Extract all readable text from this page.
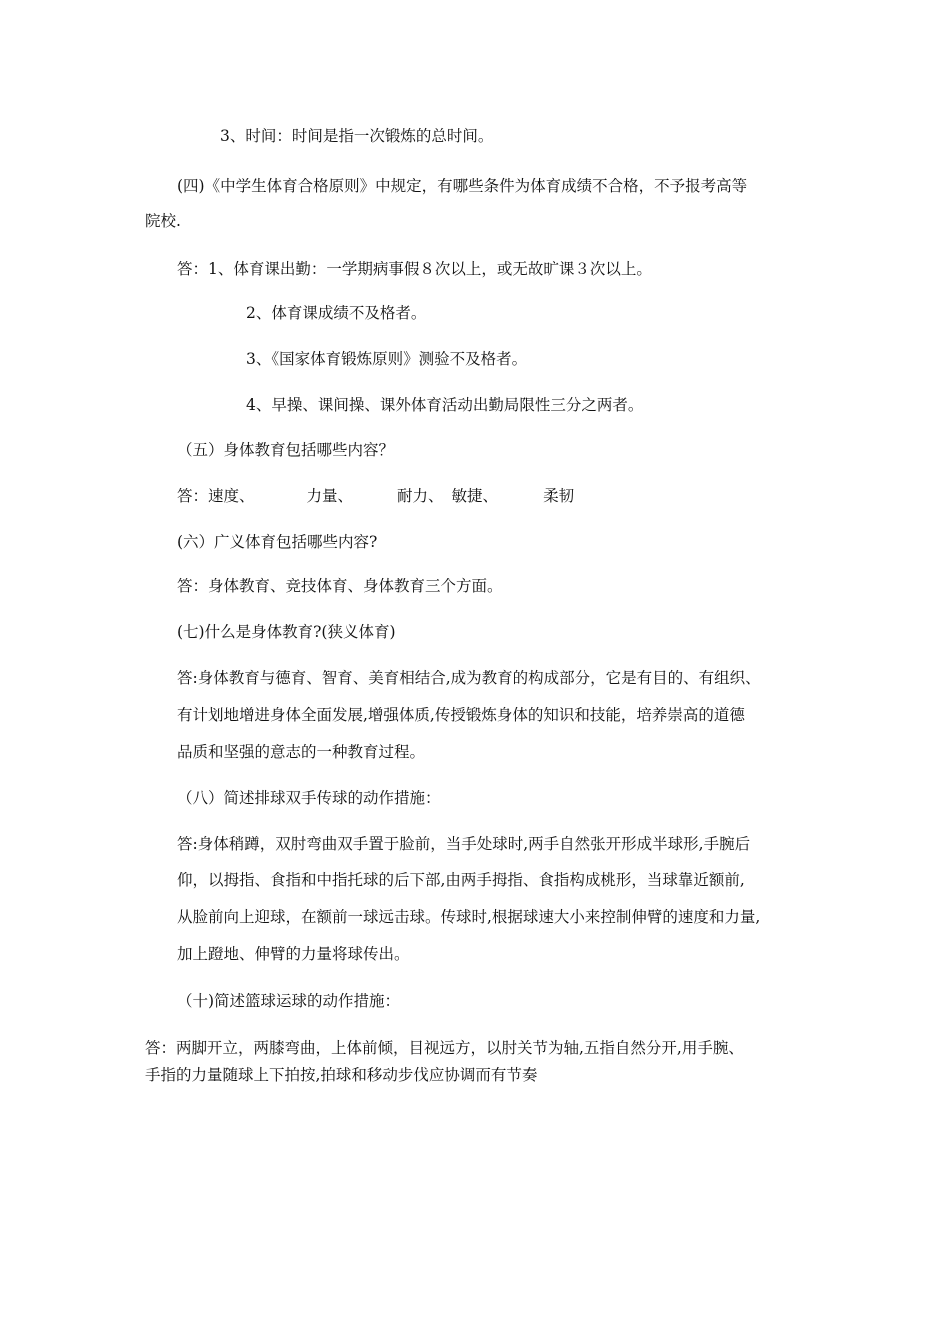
3、时间：时间是指一次锻炼的总时间。
(四)《中学生体育合格原则》中规定，有哪些条件为体育成绩不合格，不予报考高等
院校.
答：1、体育课出勤：一学期病事假８次以上，或无故旷课３次以上。
2、体育课成绩不及格者。
3、《国家体育锻炼原则》测验不及格者。
4、早操、课间操、课外体育活动出勤局限性三分之两者。
（五）身体教育包括哪些内容？
答：速度、	力量、	耐力、 敏捷、	柔韧
(六）广义体育包括哪些内容?
答：身体教育、竞技体育、身体教育三个方面。
(七)什么是身体教育?(狭义体育)
答:身体教育与德育、智育、美育相结合,成为教育的构成部分，它是有目的、有组织、
有计划地增进身体全面发展,增强体质,传授锻炼身体的知识和技能，培养崇高的道德
品质和坚强的意志的一种教育过程。
（八）简述排球双手传球的动作措施：
答:身体稍蹲，双肘弯曲双手置于脸前，当手处球时,两手自然张开形成半球形,手腕后
仰，以拇指、食指和中指托球的后下部,由两手拇指、食指构成桃形，当球靠近额前,
从脸前向上迎球，在额前一球远击球。传球时,根据球速大小来控制伸臂的速度和力量,
加上蹬地、伸臂的力量将球传出。
（十)简述篮球运球的动作措施：
答：两脚开立，两膝弯曲，上体前倾，目视远方，以肘关节为轴,五指自然分开,用手腕、
手指的力量随球上下拍按,拍球和移动步伐应协调而有节奏
